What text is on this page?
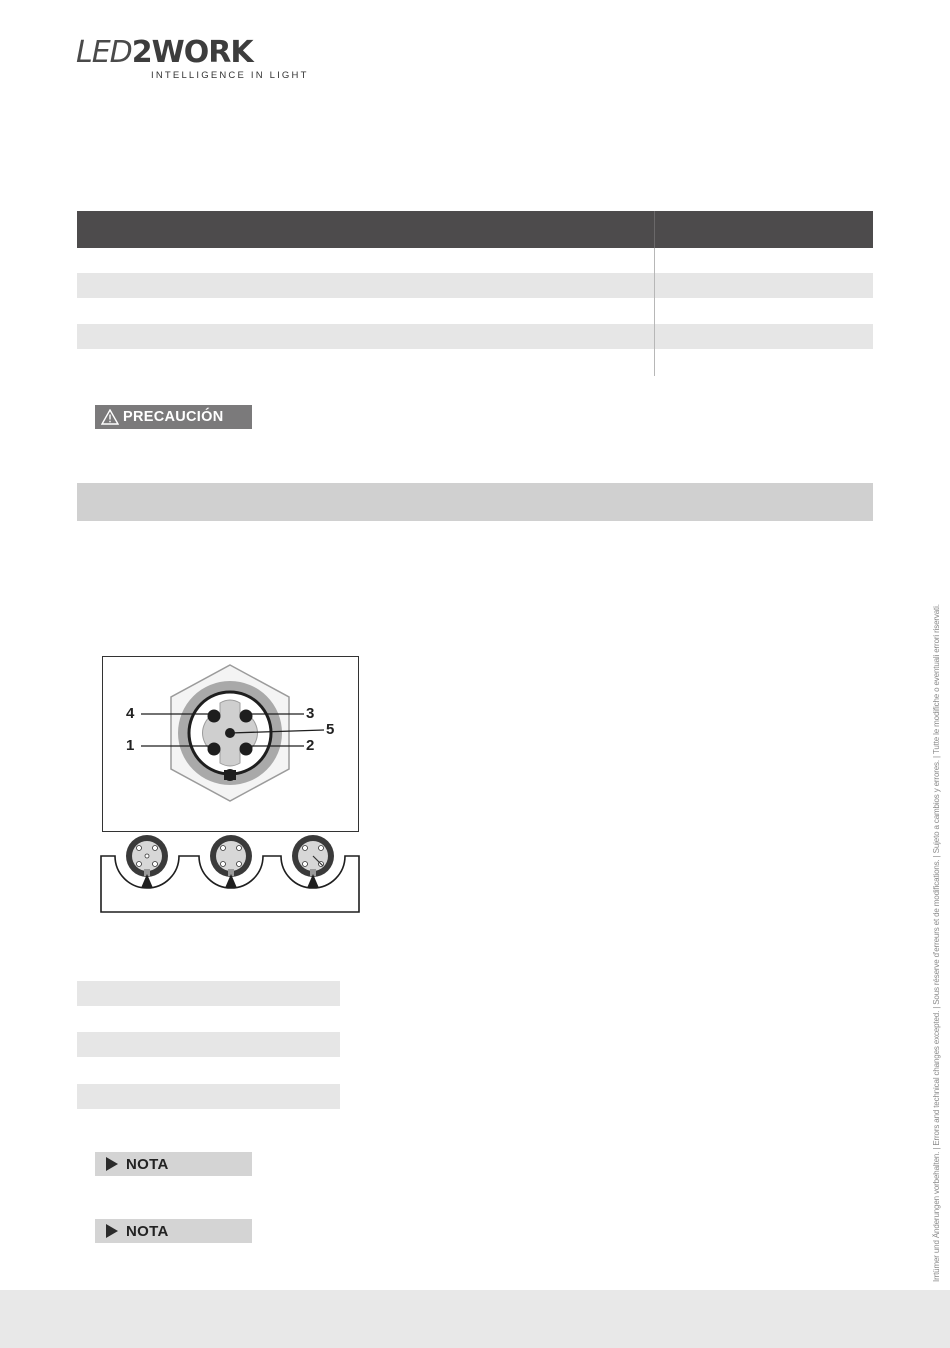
LED2WORK
INTELLIGENCE IN LIGHT
PRECAUCIÓN
4	3
5
1	2
NOTA
NOTA	Irrtümer und Änderungen vorbehalten. | Errors and technical changes excepted. | Sous réserve d'erreurs et de modifications. | Sujeto a cambios y errores. | Tutte le modifiche o eventuali errori riservati.
